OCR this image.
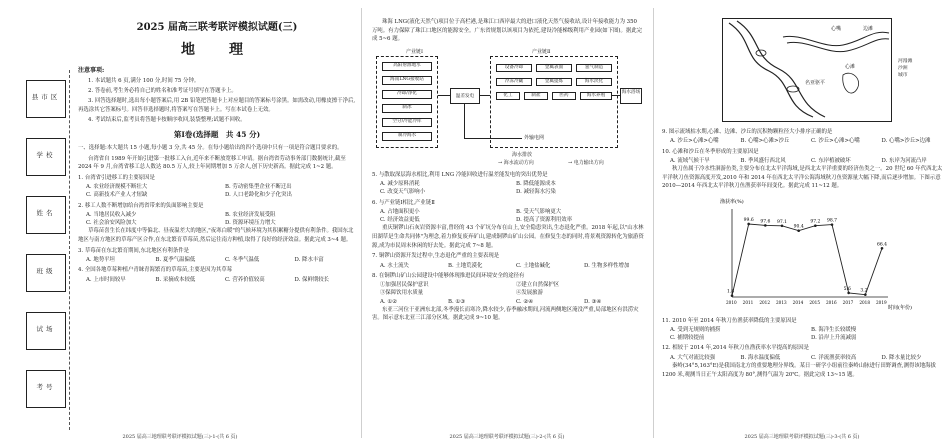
县市区
学校
姓名
班级
试场
考号

2025 届高三联考联评模拟试题(三)

地　理

注意事项:

1. 本试题共 6 页,满分 100 分,时间 75 分钟。

2. 答卷前,考生务必将自己的姓名和准考证号填写在答题卡上。

3. 回答选择题时,选出每小题答案后,用 2B 铅笔把答题卡上对应题目的答案标号涂黑。如需改动,用橡皮擦干净后,再选涂其它答案标号。回答非选择题时,将答案写在答题卡上。写在本试卷上无效。

4. 考试结束后,监考员将答题卡按顺序收回,装袋整理;试题不回收。

第Ⅰ卷(选择题　共 45 分)

一、选择题:本大题共 15 小题,每小题 3 分,共 45 分。在每小题给出的四个选项中只有一项是符合题目要求的。

台湾省自 1989 年开始引进第一批移工入台,近年来不断放宽移工申请。据台湾省劳动事务部门数据统计,截至 2024 年 9 月,台湾省移工总人数达 80.5 万人,较上年同期增加 5 万余人,创下历史新高。据此完成 1~2 题。

1. 台湾省引进移工的主要原因是
A. 农业经济规模不断壮大	B. 劳动密集型企业不断迁出
C. 高新技术产业人才短缺	D. 人口老龄化和少子化突出
2. 移工人数不断增加给台湾省带来的负面影响主要是
A. 当地居民收入减少	B. 农业经济发展受阻
C. 社会治安风险加大	D. 资源环境压力增大

草莓苗喜生长在纬度中等偏北、昼夜温差大的地区,"夜寒白暖"的气候环境为其积累糖分提供有利条件。我国东北地区与南方地区的草莓产区合作,在东北繁育草莓苗,然后运往南方种植,取得了良好的经济效益。据此完成 3~4 题。

3. 草莓苗在东北繁育期间,东北地区有利条件是
A. 地势平坦	B. 夏季气温偏低	C. 冬季气温低	D. 降水丰富
4. 全国各地草莓种植户青睐青海繁育的草莓苗,主要是因为其草莓
A. 上市时间较早	B. 采摘成本较低	C. 营养价值较高	D. 保鲜期较长
2025 届高三地理联考联评模拟试题(三)-1-(共 6 页)

珠海 LNG(液化天然气)项目位于高栏港,是珠江口西岸最大的进口液化天然气接收站,设计年接收能力为 350 万吨。有力保障了珠江口地区的能源安全。广东省规划以该项目为依托,建设冷能梯级利用产业园(如下图)。据此完成 5~6 题。

产业链Ⅰ	产业链Ⅱ
高阳射源地水
海南LNG接收站
冷却/净化
制冰
空分/冷能冷库
制冷海水
温差发电
设备冷却	金属表面	氢气制造
冷冻冷藏	金属提炼	海水淡化
化工	制盐	医药	海水养殖
海水浴场
外输电网
海水排放
→ 海水流动方向	→ 电力输出方向
5. 与散取深层海水相比,利用 LNG 冷能回收进行温差能发电的突出优势是
A. 减少原料消耗	B. 降低能源成本
C. 改变天气影响小	D. 减轻海水污染
6. 与产业链Ⅰ相比,产业链Ⅱ
A. 占地面积更小	B. 受天气影响更大
C. 经济效益更低	D. 提高了资源利用效率

重庆铜锣山石灰岩资源丰富,曾经的 43 个矿坑分布在山上,安全隐患突出,生态退化严重。2018 年起,以"山水林田湖草是生命共同体"为理念,着力修复废弃矿山,建成铜锣山矿山公园。在修复生态的同时,将景观资源转化为旅游资源,成为市民周末休闲的好去处。据此完成 7~8 题。

7. 铜锣山资源开发过程中,生态退化严重的主要表现是
A. 水土流失	B. 土地荒漠化	C. 土地盐碱化	D. 生物多样性增加
8. 在铜锣山矿山公园建设中能够体现推进民间环境安全的途径有
①加强居民保护意识	②建立自然保护区
③保障饮用水质量	④发展旅游
A. ①②	B. ①③	C. ②④	D. ③④

东亚三河位于亚洲东北部,冬季漫长而寒冷,降水较少,春季融冰期间,河流两侧地区淹没严重,局部地区有洪涝灾害。图示意东北亚三江部分区域。据此完成 9~10 题。

2025 届高三地理联考联评模拟试题(三)-2-(共 6 页)
心嘴	边滩
心滩
名亚驱平
河漫滩
沙洲
城市
9. 图示流域枯水期,心滩、边滩、沙丘的沉积物颗粒径大小排序正确的是
A. 沙丘>心滩>心嘴	B. 心嘴>心滩>沙丘	C. 沙丘>心滩>心嘴	D. 心嘴>沙丘>边滩
10. 心滩和沙丘在冬季形成的主要原因是
A. 流域气候干旱	B. 季风盛行西北风	C. 东岸植被破坏	D. 东岸为河流凸岸

秋刀鱼属于冷水性洄游鱼类,主要分布在北太平洋海域,是西北太平洋重要的经济鱼类之一。20 世纪 60 年代西北太平洋秋刀鱼资源高度开发,2010 年和 2014 年在西北太平洋公海海域秋刀鱼资源量大幅下降,而后逐步增加。下图示意 2010—2014 年西北太平洋秋刀鱼渔获率年间变化。据此完成 11~12 题。

渔获率(%)
时间(年份)
1.8
99.6 97.6 97.1
90.4
97.2 98.7
5.6 3.2
66.4
2010 2011 2012 2013 2014 2015 2016 2017 2018 2019
11. 2010 年至 2014 年秋刀鱼渔获率降低的主要原因是
A. 受到无规则的捕捞	B. 海洋生长较缓慢
C. 捕期较提前	D. 沿岸上升流减弱
12. 相较于 2014 年,2014 年秋刀鱼渔获率水平提高的原因是
A. 大气对流比较强	B. 海水温度偏低	C. 洋流渔获率较高	D. 降水量比较少

秦岭(34°5,163°E)是我国南北方的重要地理分界线。某日一研学小组前往秦岭山脉进行田野调查,测得该地海拔 1200 米,观测当日正午太阳高度为 80°,测得气温为 20℃。据此完成 13~15 题。

2025 届高三地理联考联评模拟试题(三)-3-(共 6 页)
